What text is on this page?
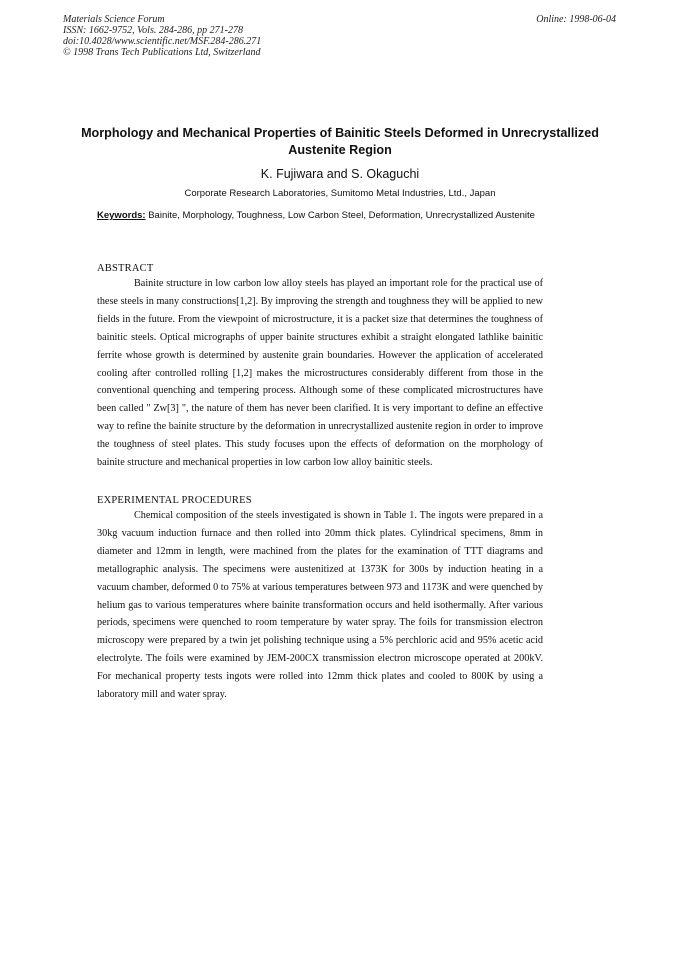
Materials Science Forum
ISSN: 1662-9752, Vols. 284-286, pp 271-278
doi:10.4028/www.scientific.net/MSF.284-286.271
© 1998 Trans Tech Publications Ltd, Switzerland
Online: 1998-06-04
Morphology and Mechanical Properties of Bainitic Steels Deformed in Unrecrystallized Austenite Region
K. Fujiwara and S. Okaguchi
Corporate Research Laboratories, Sumitomo Metal Industries, Ltd., Japan
Keywords: Bainite, Morphology, Toughness, Low Carbon Steel, Deformation, Unrecrystallized Austenite
ABSTRACT
Bainite structure in low carbon low alloy steels has played an important role for the practical use of these steels in many constructions[1,2]. By improving the strength and toughness they will be applied to new fields in the future. From the viewpoint of microstructure, it is a packet size that determines the toughness of bainitic steels. Optical micrographs of upper bainite structures exhibit a straight elongated lathlike bainitic ferrite whose growth is determined by austenite grain boundaries. However the application of accelerated cooling after controlled rolling [1,2] makes the microstructures considerably different from those in the conventional quenching and tempering process. Although some of these complicated microstructures have been called " Zw[3] ", the nature of them has never been clarified. It is very important to define an effective way to refine the bainite structure by the deformation in unrecrystallized austenite region in order to improve the toughness of steel plates. This study focuses upon the effects of deformation on the morphology of bainite structure and mechanical properties in low carbon low alloy bainitic steels.
EXPERIMENTAL PROCEDURES
Chemical composition of the steels investigated is shown in Table 1. The ingots were prepared in a 30kg vacuum induction furnace and then rolled into 20mm thick plates. Cylindrical specimens, 8mm in diameter and 12mm in length, were machined from the plates for the examination of TTT diagrams and metallographic analysis. The specimens were austenitized at 1373K for 300s by induction heating in a vacuum chamber, deformed 0 to 75% at various temperatures between 973 and 1173K and were quenched by helium gas to various temperatures where bainite transformation occurs and held isothermally. After various periods, specimens were quenched to room temperature by water spray. The foils for transmission electron microscopy were prepared by a twin jet polishing technique using a 5% perchloric acid and 95% acetic acid electrolyte. The foils were examined by JEM-200CX transmission electron microscope operated at 200kV. For mechanical property tests ingots were rolled into 12mm thick plates and cooled to 800K by using a laboratory mill and water spray.
